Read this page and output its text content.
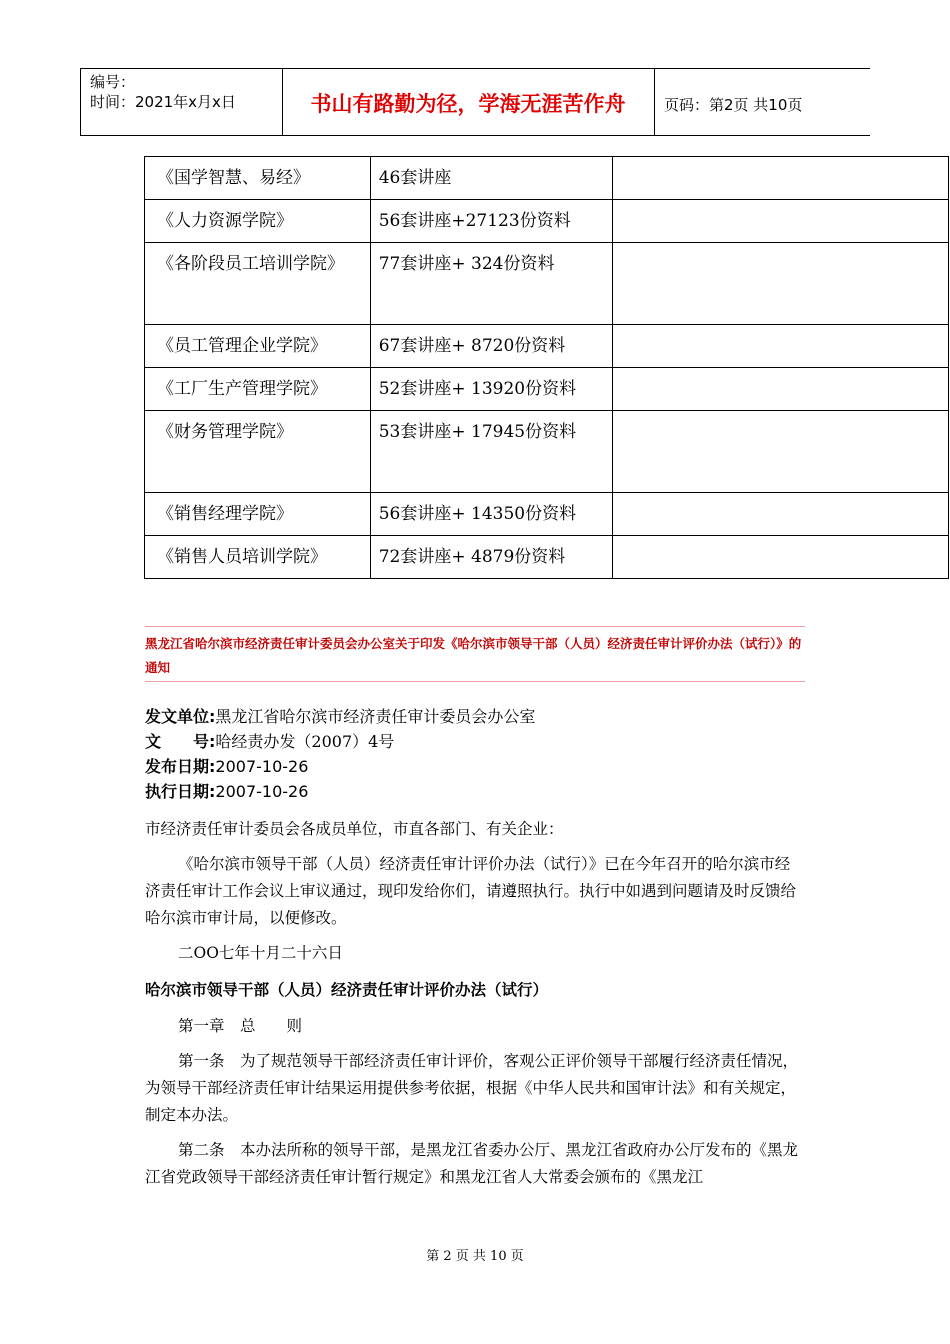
编号：
时间：2021年x月x日	书山有路勤为径，学海无涯苦作舟	页码：第2页 共10页
《国学智慧、易经》	46套讲座	
《人力资源学院》	56套讲座+27123份资料	
《各阶段员工培训学院》	77套讲座+ 324份资料	
《员工管理企业学院》	67套讲座+ 8720份资料	
《工厂生产管理学院》	52套讲座+ 13920份资料	
《财务管理学院》	53套讲座+ 17945份资料	
《销售经理学院》	56套讲座+ 14350份资料	
《销售人员培训学院》	72套讲座+ 4879份资料	
黑龙江省哈尔滨市经济责任审计委员会办公室关于印发《哈尔滨市领导干部（人员）经济责任审计评价办法（试行）》的通知
发文单位:黑龙江省哈尔滨市经济责任审计委员会办公室
文　　号:哈经责办发（2007）4号
发布日期:2007-10-26
执行日期:2007-10-26
市经济责任审计委员会各成员单位，市直各部门、有关企业：
《哈尔滨市领导干部（人员）经济责任审计评价办法（试行）》已在今年召开的哈尔滨市经济责任审计工作会议上审议通过，现印发给你们，请遵照执行。执行中如遇到问题请及时反馈给哈尔滨市审计局，以便修改。
二OO七年十月二十六日
哈尔滨市领导干部（人员）经济责任审计评价办法（试行）
第一章　总　　则
第一条　为了规范领导干部经济责任审计评价，客观公正评价领导干部履行经济责任情况，为领导干部经济责任审计结果运用提供参考依据，根据《中华人民共和国审计法》和有关规定，制定本办法。
第二条　本办法所称的领导干部，是黑龙江省委办公厅、黑龙江省政府办公厅发布的《黑龙江省党政领导干部经济责任审计暂行规定》和黑龙江省人大常委会颁布的《黑龙江
第 2 页 共 10 页
